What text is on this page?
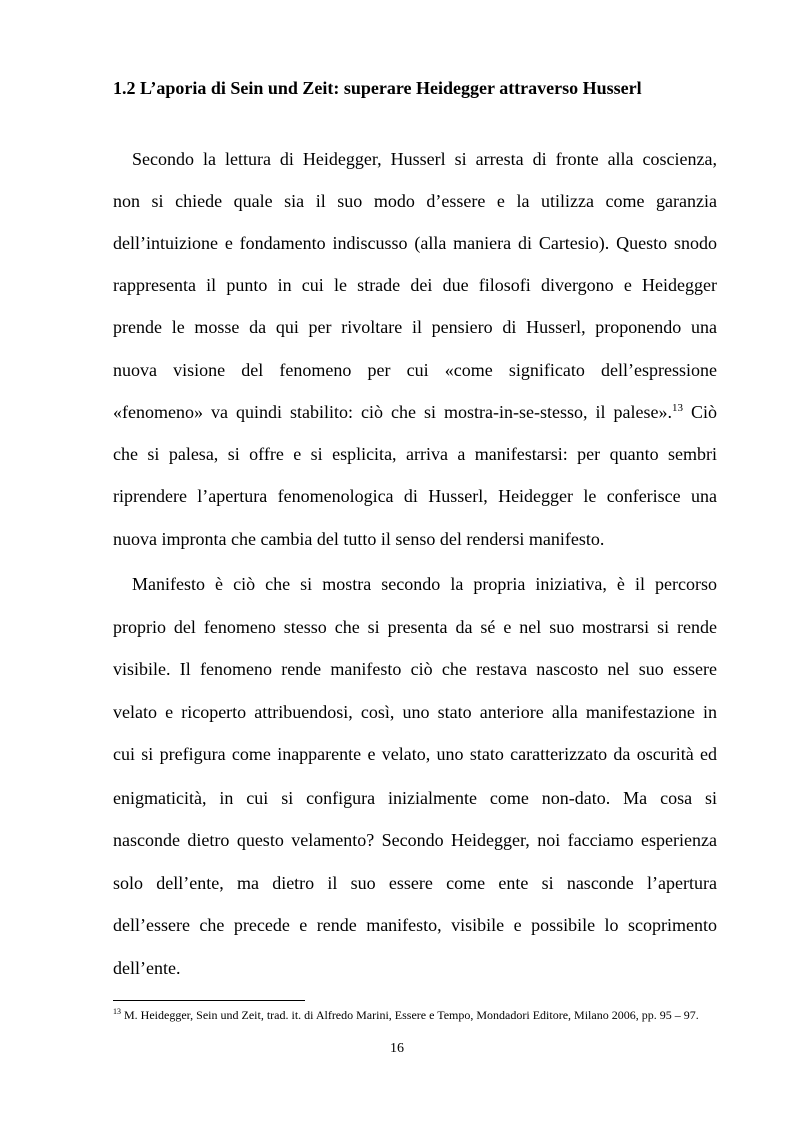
1.2 L’aporia di Sein und Zeit: superare Heidegger attraverso Husserl
Secondo la lettura di Heidegger, Husserl si arresta di fronte alla coscienza,
non si chiede quale sia il suo modo d’essere e la utilizza come garanzia
dell’intuizione e fondamento indiscusso (alla maniera di Cartesio). Questo snodo
rappresenta il punto in cui le strade dei due filosofi divergono e Heidegger
prende le mosse da qui per rivoltare il pensiero di Husserl, proponendo una
nuova visione del fenomeno per cui «come significato dell’espressione
«fenomeno» va quindi stabilito: ciò che si mostra-in-se-stesso, il palese».$^{13}$ Ciò
che si palesa, si offre e si esplicita, arriva a manifestarsi: per quanto sembri
riprendere l’apertura fenomenologica di Husserl, Heidegger le conferisce una
nuova impronta che cambia del tutto il senso del rendersi manifesto.
Manifesto è ciò che si mostra secondo la propria iniziativa, è il percorso
proprio del fenomeno stesso che si presenta da sé e nel suo mostrarsi si rende
visibile. Il fenomeno rende manifesto ciò che restava nascosto nel suo essere
velato e ricoperto attribuendosi, così, uno stato anteriore alla manifestazione in
cui si prefigura come inapparente e velato, uno stato caratterizzato da oscurità ed
enigmaticità, in cui si configura inizialmente come non-dato. Ma cosa si
nasconde dietro questo velamento? Secondo Heidegger, noi facciamo esperienza
solo dell’ente, ma dietro il suo essere come ente si nasconde l’apertura
dell’essere che precede e rende manifesto, visibile e possibile lo scoprimento
dell’ente.
$^{13}$ M. Heidegger, Sein und Zeit, trad. it. di Alfredo Marini, Essere e Tempo, Mondadori Editore, Milano 2006, pp. 95 – 97.
16
